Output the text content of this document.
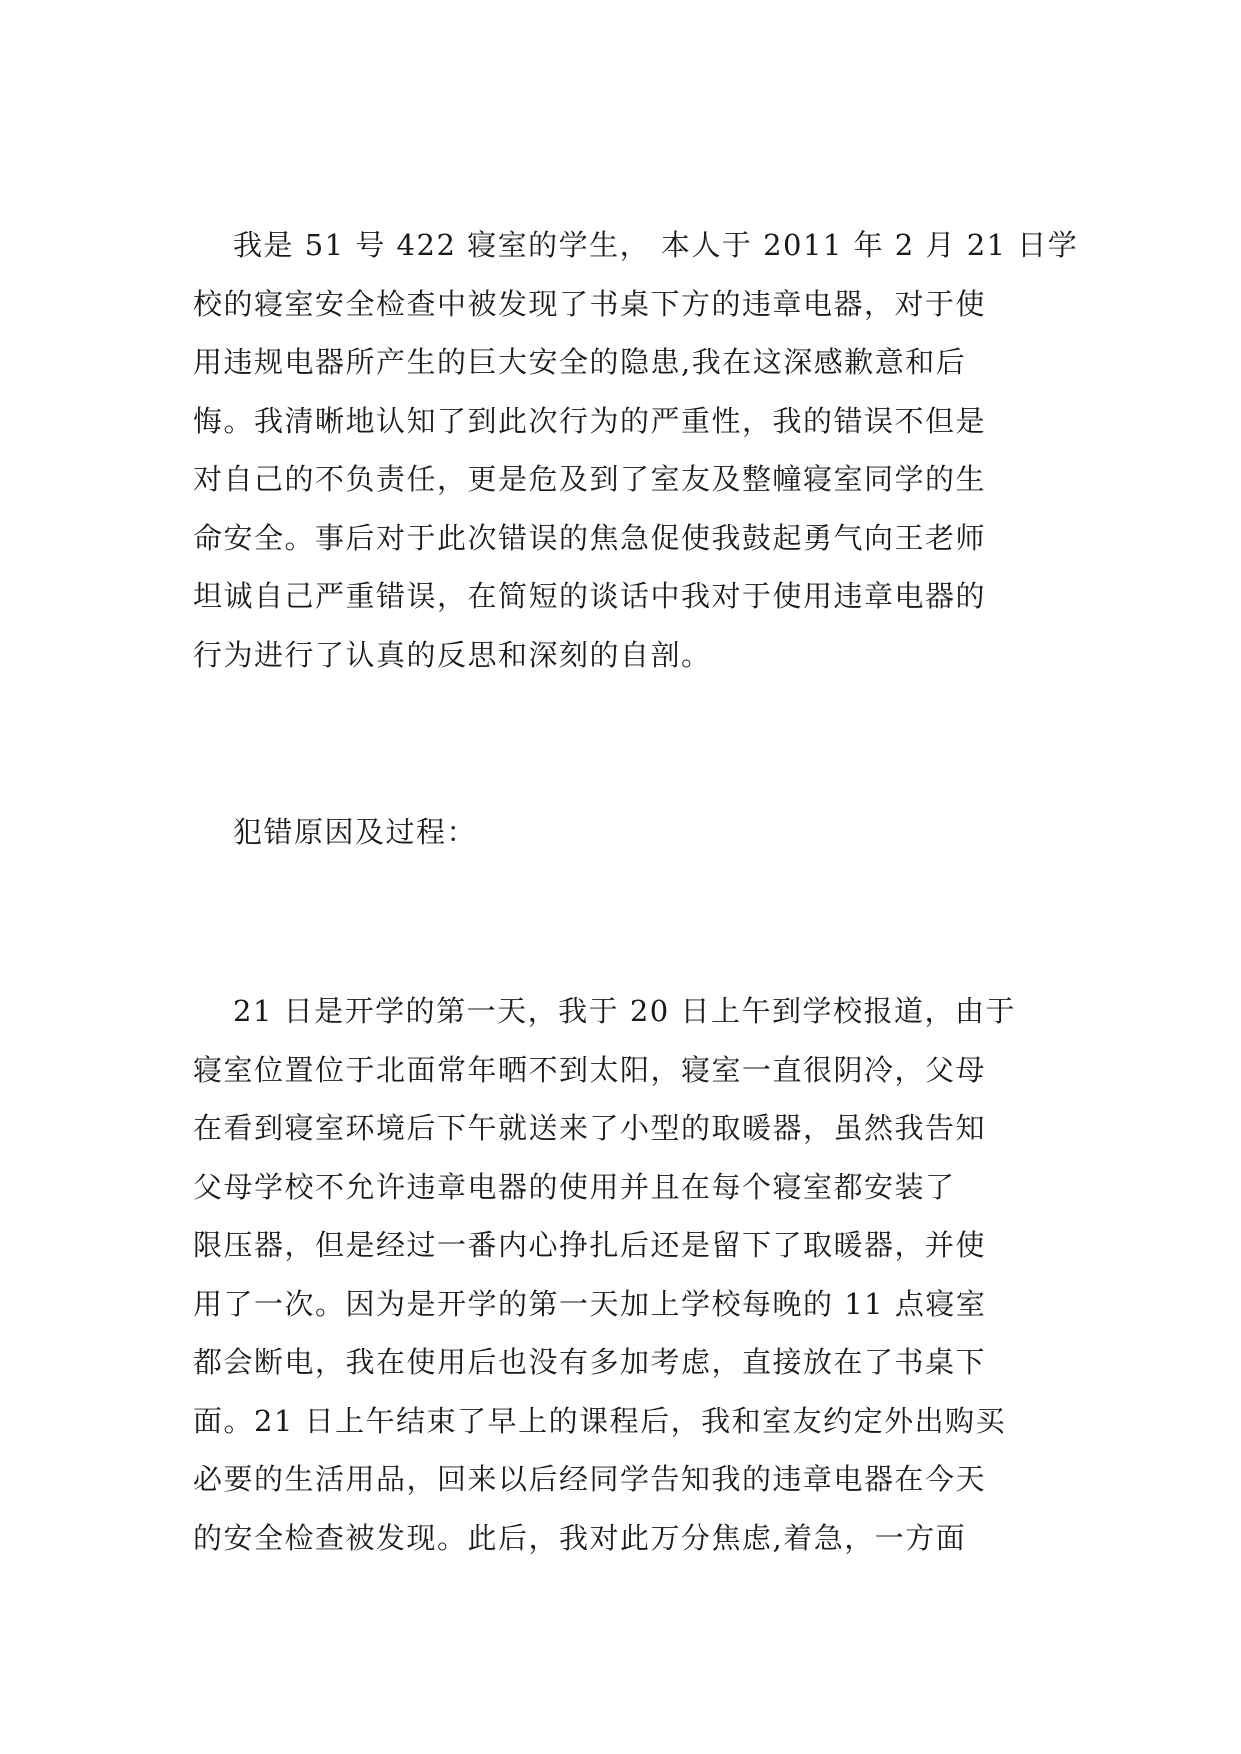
我是 51 号 422 寝室的学生， 本人于 2011 年 2 月 21 日学
校的寝室安全检查中被发现了书桌下方的违章电器，对于使
用违规电器所产生的巨大安全的隐患,我在这深感歉意和后
悔。我清晰地认知了到此次行为的严重性，我的错误不但是
对自己的不负责任，更是危及到了室友及整幢寝室同学的生
命安全。事后对于此次错误的焦急促使我鼓起勇气向王老师
坦诚自己严重错误，在简短的谈话中我对于使用违章电器的
行为进行了认真的反思和深刻的自剖。
犯错原因及过程：
21 日是开学的第一天，我于 20 日上午到学校报道，由于
寝室位置位于北面常年晒不到太阳，寝室一直很阴冷，父母
在看到寝室环境后下午就送来了小型的取暖器，虽然我告知
父母学校不允许违章电器的使用并且在每个寝室都安装了
限压器，但是经过一番内心挣扎后还是留下了取暖器，并使
用了一次。因为是开学的第一天加上学校每晚的 11 点寝室
都会断电，我在使用后也没有多加考虑，直接放在了书桌下
面。21 日上午结束了早上的课程后，我和室友约定外出购买
必要的生活用品，回来以后经同学告知我的违章电器在今天
的安全检查被发现。此后，我对此万分焦虑,着急，一方面
